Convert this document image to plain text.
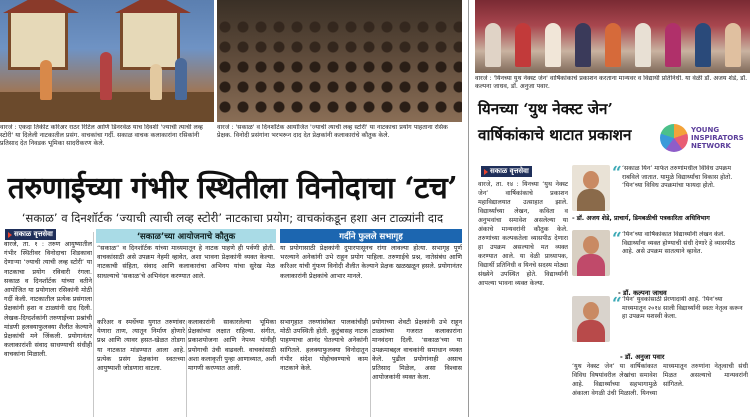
वारजे : एकदा तिकीट करिअर राठर रिटिल आणि डिनरवेळ याच दिवशी 'ज्याची त्याची लव्ह स्टोरी' या दिलेली नाटकातील प्रसंग. वाचकांचा गर्दी. सकाळ वाचक कलाकारांना रसिकांनी प्रतिसाद देत निवडक भूमिका सादरीकरण केले.
वारजे : 'सकाळ' व दिनशॉर्टक आयोजित 'ज्याची त्याची लव्ह स्टोरी' या नाटकाचा प्रयोग पाहताना रसिक प्रेक्षक. विनोदी प्रसंगांना भरभरून दाद देत प्रेक्षकांनी कलाकारांचे कौतुक केले.
वारजे : 'यिनच्या युथ नेक्स्ट जेन' वार्षिकांकाचे प्रकाशन करताना मान्यवर व विद्यार्थी प्रतिनिधी. या वेळी डॉ. अजय शेडे, डॉ. कल्पना जाधव, डॉ. अनुजा पवार.
तरुणाईच्या गंभीर स्थितीला विनोदाचा ‘टच’
‘सकाळ’ व दिनशॉर्टक ‘ज्याची त्याची लव्ह स्टोरी’ नाटकाचा प्रयोग; वाचकांकडून हशा अन टाळ्यांनी दाद
सकाळ वृत्तसेवा	‘सकाळ’च्या आयोजनाचे कौतुक	गर्दीने फुलले सभागृह
वारजे, ता. १ : तरुण आयुष्यातील गंभीर स्थितीवर विनोदाचा शिडकावा देणाऱ्या ‘ज्याची त्याची लव्ह स्टोरी’ या नाटकाचा प्रयोग रविवारी रंगला. सकाळ व दिनशॉर्टक यांच्या वतीने आयोजित या प्रयोगाला रसिकांनी मोठी गर्दी केली. नाटकातील प्रत्येक प्रसंगाला प्रेक्षकांनी हशा व टाळ्यांनी दाद दिली. लेखक-दिग्दर्शकांनी तरुणाईच्या प्रश्नांची मांडणी हलक्याफुलक्या शैलीत केल्याने प्रेक्षकांची मने जिंकली. प्रयोगानंतर कलाकारांशी संवाद साधण्याची संधीही वाचकांना मिळाली.
“सकाळ” व दिनशॉर्टक यांच्या माध्यमातून हे नाटक पाहणे ही पर्वणी होती. वाचकांसाठी असे उपक्रम नेहमी व्हावेत, अशा भावना प्रेक्षकांनी व्यक्त केल्या. नाटकाची संहिता, संवाद आणि कलाकारांचा अभिनय यांचा सुरेख मेळ साधल्याचे ‘सकाळ’चे अभिनंदन करण्यात आले.
या प्रयोगासाठी प्रेक्षकांनी दुपारपासूनच रांगा लावल्या होत्या. सभागृह पूर्ण भरल्याने अनेकांनी उभे राहून प्रयोग पाहिला. तरुणाईचे प्रश्न, नातेसंबंध आणि करिअर यांची गुंफण विनोदी शैलीत केल्याने प्रेक्षक खळखळून हसले. प्रयोगानंतर कलाकारांनी प्रेक्षकांचे आभार मानले.
करिअर व स्पर्धेच्या युगात तरुणांवर येणारा ताण, त्यातून निर्माण होणारे प्रश्न आणि त्यावर हसत-खेळत तोडगा या नाटकात मांडण्यात आला आहे. प्रत्येक प्रसंग प्रेक्षकांना स्वतःच्या आयुष्याशी जोडणारा वाटला.
कलाकारांनी साकारलेल्या भूमिका प्रेक्षकांच्या लक्षात राहिल्या. संगीत, प्रकाशयोजना आणि नेपथ्य यांनीही प्रयोगाची उंची वाढवली. वाचकांसाठी अशा कलाकृती पुन्हा आणाव्यात, अशी मागणी करण्यात आली.
सभागृहात तरुणांसोबत पालकांचीही मोठी उपस्थिती होती. कुटुंबासह नाटक पाहण्याचा आनंद घेतल्याचे अनेकांनी सांगितले. हलक्याफुलक्या विनोदातून गंभीर संदेश पोहोचवण्याचे काम नाटकाने केले.
प्रयोगाच्या शेवटी प्रेक्षकांनी उभे राहून टाळ्यांच्या गजरात कलाकारांना मानवंदना दिली. ‘सकाळ’च्या या उपक्रमाबद्दल वाचकांनी समाधान व्यक्त केले. पुढील प्रयोगांनाही असाच प्रतिसाद मिळेल, असा विश्वास आयोजकांनी व्यक्त केला.
यिनच्या ‘युथ नेक्स्ट जेन’
वार्षिकांकाचे थाटात प्रकाशन	YOUNG
INSPIRATORS
NETWORK
सकाळ वृत्तसेवा
वारजे, ता. १४ : यिनच्या ‘युथ नेक्स्ट जेन’ वार्षिकांकाचे प्रकाशन महाविद्यालयात उत्साहात झाले. विद्यार्थ्यांच्या लेखन, कविता व अनुभवांचा समावेश असलेल्या या अंकाचे मान्यवरांनी कौतुक केले. तरुणांच्या कल्पकतेला व्यासपीठ देणारा हा उपक्रम असल्याचे मत व्यक्त करण्यात आले. या वेळी प्राध्यापक, विद्यार्थी प्रतिनिधी व यिनचे सदस्य मोठ्या संख्येने उपस्थित होते. विद्यार्थ्यांनी आपल्या भावना व्यक्त केल्या.
“ ‘सकाळ यिन’ मार्फत तरुणांमधील विविध उपक्रम राबविले जातात. यामुळे विद्यार्थ्यांचा विकास होतो. ‘यिन’च्या विविध उपक्रमांचा फायदा होतो.
- डॉ. अजय शेडे, प्राचार्य, डिमबळीची पत्रकारिता अधिविभाग
“ ‘यिन’च्या वार्षिकांकात विद्यार्थ्यांनी लेखन केले. विद्यार्थ्यांना व्यक्त होण्याची संधी देणारे हे व्यासपीठ आहे. असे उपक्रम सातत्याने व्हावेत.
- डॉ. कल्पना जाधव
“ ‘यिन’ युवकांसाठी प्रेरणादायी आहे. ‘यिन’च्या माध्यमातून २०१४ साली विद्यार्थ्यांनी स्वतः नेतृत्व करून हा उपक्रम यशस्वी केला.
- डॉ. अनुजा पवार
‘युथ नेक्स्ट जेन’ या वार्षिकांकात विविध विषयांवरील लेखांचा समावेश आहे. विद्यार्थ्यांच्या सहभागामुळे अंकाला वेगळी उंची मिळाली. यिनच्या माध्यमातून तरुणांना नेतृत्वाची संधी मिळत असल्याचे मान्यवरांनी सांगितले.
